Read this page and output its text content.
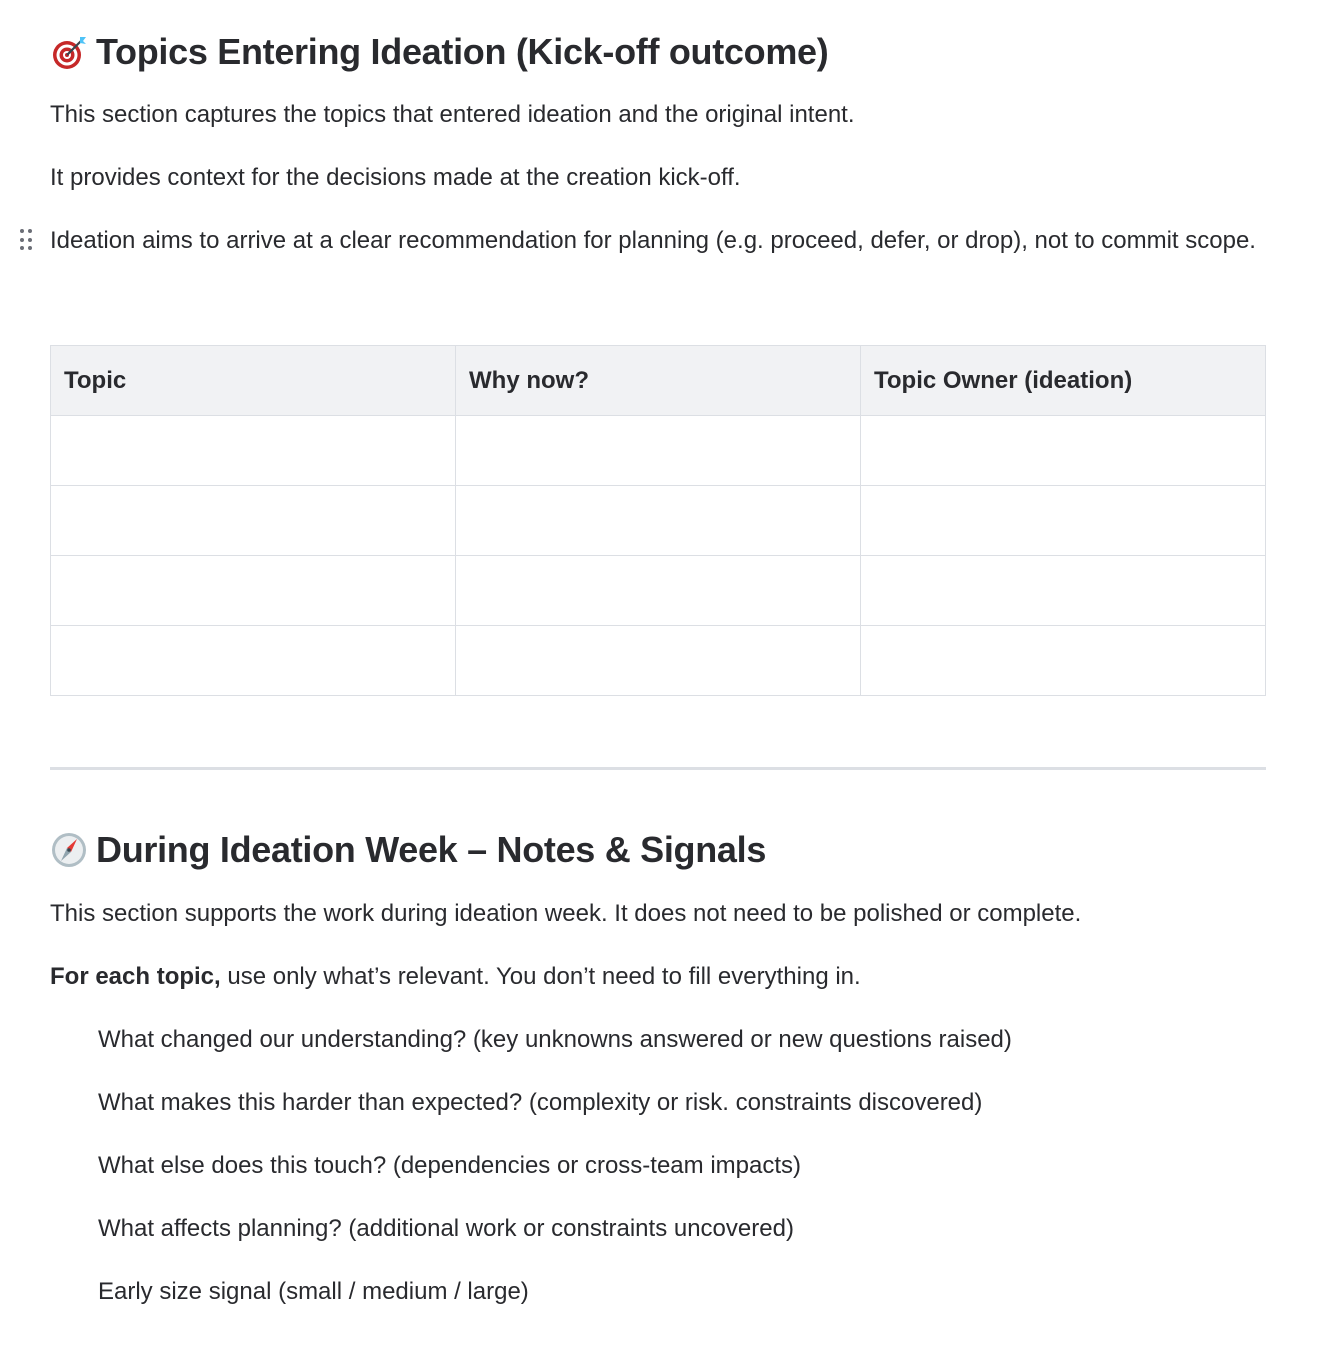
Topics Entering Ideation (Kick-off outcome)

This section captures the topics that entered ideation and the original intent.

It provides context for the decisions made at the creation kick-off.

Ideation aims to arrive at a clear recommendation for planning (e.g. proceed, defer, or drop), not to commit scope.
Topic	Why now?	Topic Owner (ideation)

During Ideation Week – Notes & Signals

This section supports the work during ideation week. It does not need to be polished or complete.

For each topic, use only what’s relevant. You don’t need to fill everything in.

What changed our understanding? (key unknowns answered or new questions raised)

What makes this harder than expected? (complexity or risk. constraints discovered)

What else does this touch? (dependencies or cross-team impacts)

What affects planning? (additional work or constraints uncovered)

Early size signal (small / medium / large)
